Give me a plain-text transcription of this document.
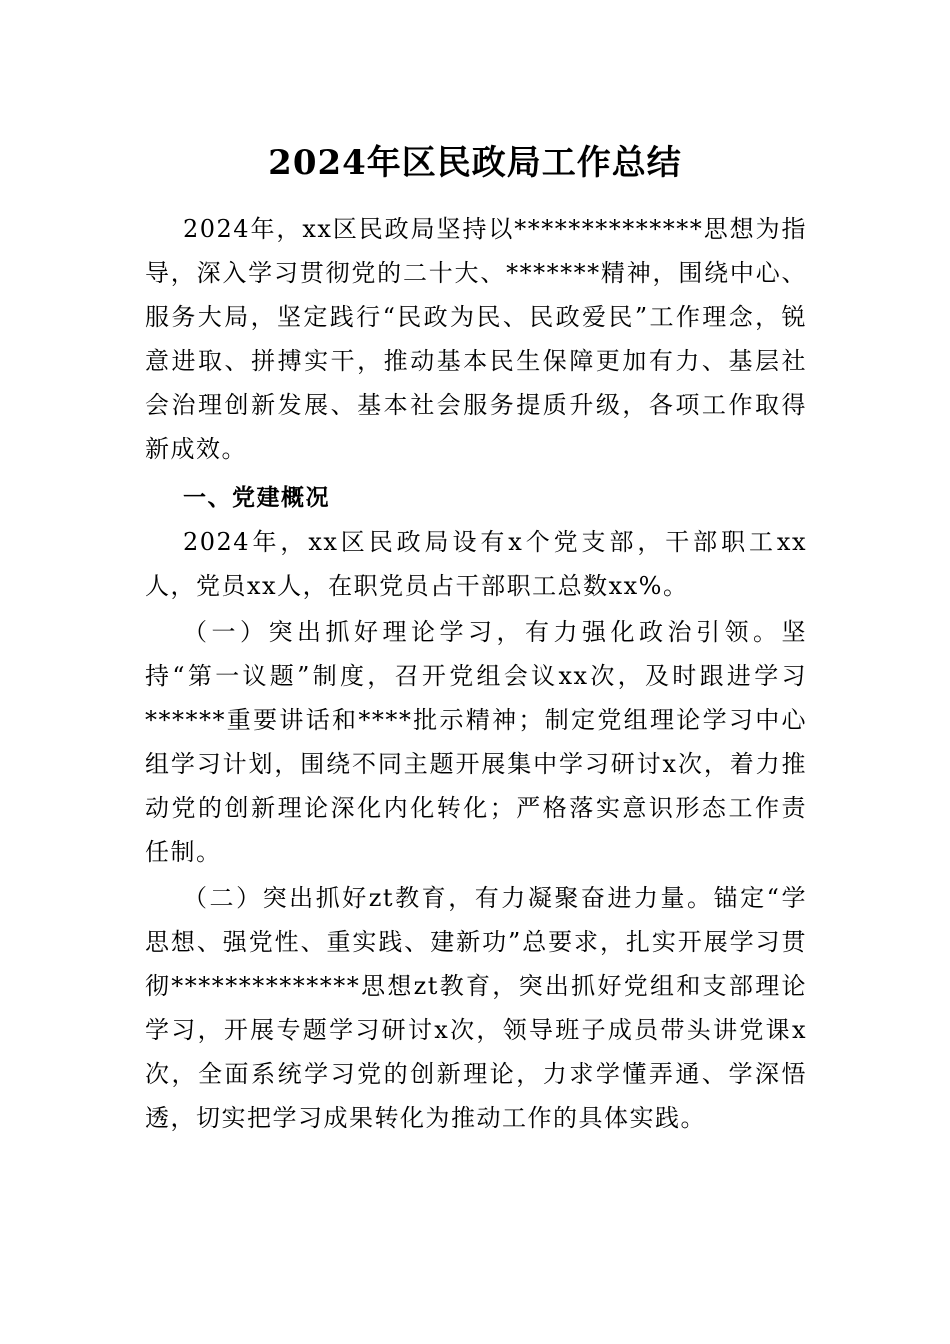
2024年区民政局工作总结

2024年，xx区民政局坚持以**************思想为指导，深入学习贯彻党的二十大、*******精神，围绕中心、服务大局，坚定践行“民政为民、民政爱民”工作理念，锐意进取、拼搏实干，推动基本民生保障更加有力、基层社会治理创新发展、基本社会服务提质升级，各项工作取得新成效。

一、党建概况

2024年，xx区民政局设有x个党支部，干部职工xx人，党员xx人，在职党员占干部职工总数xx%。

（一）突出抓好理论学习，有力强化政治引领。坚持“第一议题”制度，召开党组会议xx次，及时跟进学习******重要讲话和****批示精神；制定党组理论学习中心组学习计划，围绕不同主题开展集中学习研讨x次，着力推动党的创新理论深化内化转化；严格落实意识形态工作责任制。

（二）突出抓好zt教育，有力凝聚奋进力量。锚定“学思想、强党性、重实践、建新功”总要求，扎实开展学习贯彻**************思想zt教育，突出抓好党组和支部理论学习，开展专题学习研讨x次，领导班子成员带头讲党课x次，全面系统学习党的创新理论，力求学懂弄通、学深悟透，切实把学习成果转化为推动工作的具体实践。
